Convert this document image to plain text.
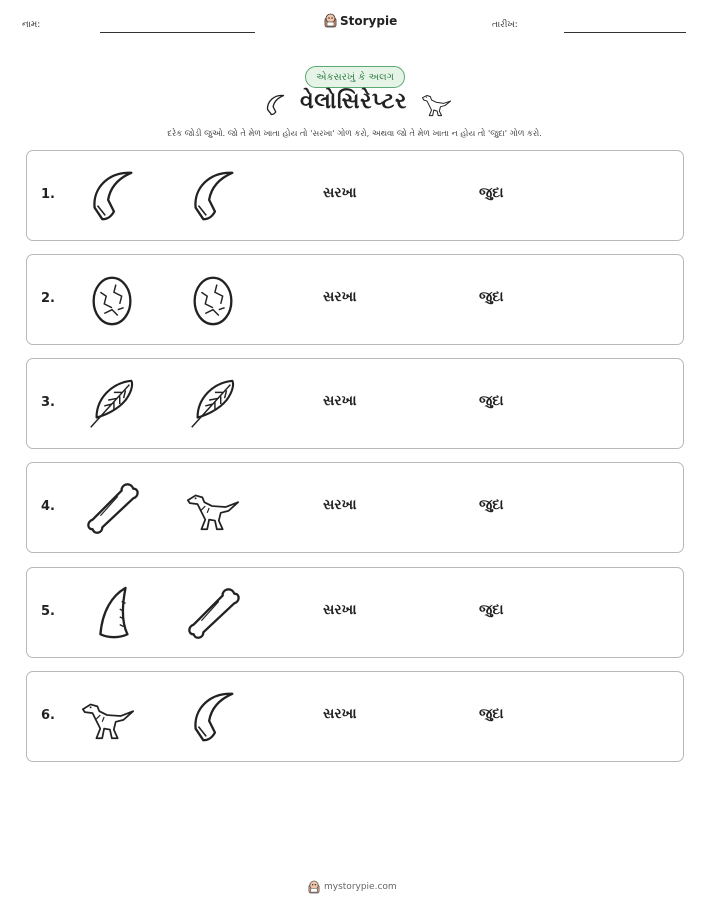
નામ:	Storypie	તારીખ:
એકસરખું કે અલગ
વેલોસિરેપ્ટર
દરેક જોડી જુઓ. જો તે મેળ ખાતા હોય તો 'સરખા' ગોળ કરો, અથવા જો તે મેળ ખાતા ન હોય તો 'જુદા' ગોળ કરો.
1.	સરખા	જુદા
2.	સરખા	જુદા
3.	સરખા	જુદા
4.	સરખા	જુદા
5.	સરખા	જુદા
6.	સરખા	જુદા
mystorypie.com
